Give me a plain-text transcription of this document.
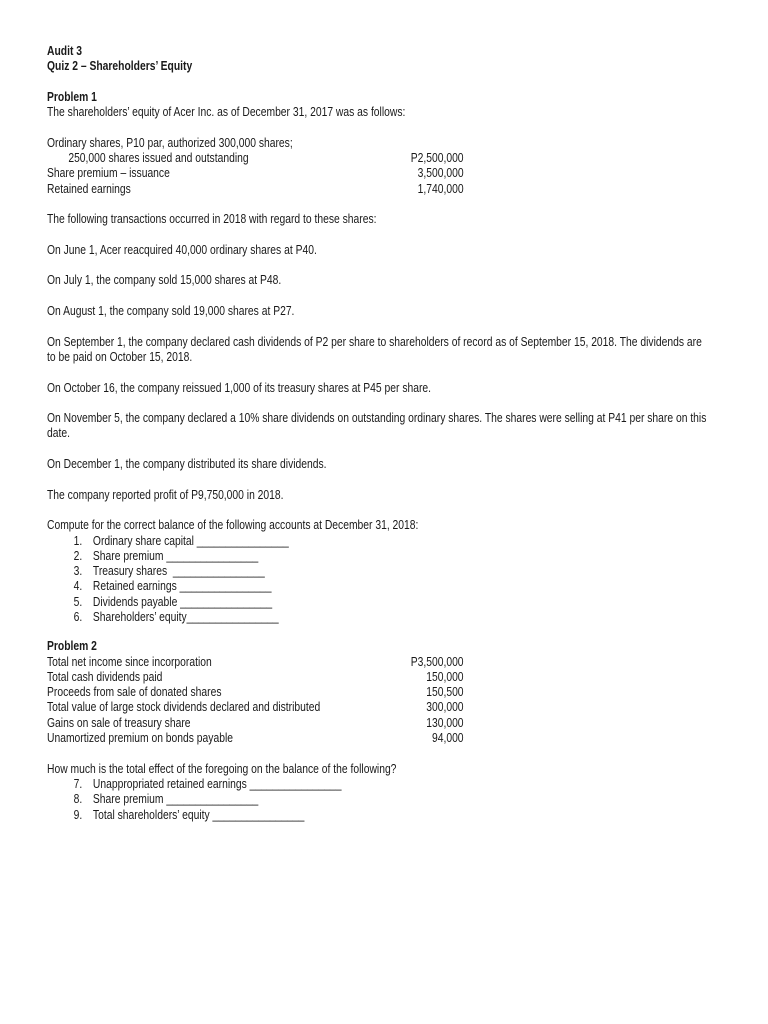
Audit 3

Quiz 2 – Shareholders’ Equity

Problem 1

The shareholders’ equity of Acer Inc. as of December 31, 2017 was as follows:

Ordinary shares, P10 par, authorized 300,000 shares;

250,000 shares issued and outstanding	P2,500,000
Share premium – issuance	3,500,000
Retained earnings	1,740,000

The following transactions occurred in 2018 with regard to these shares:

On June 1, Acer reacquired 40,000 ordinary shares at P40.

On July 1, the company sold 15,000 shares at P48.

On August 1, the company sold 19,000 shares at P27.

On September 1, the company declared cash dividends of P2 per share to shareholders of record as of September 15, 2018. The dividends are to be paid on October 15, 2018.

On October 16, the company reissued 1,000 of its treasury shares at P45 per share.

On November 5, the company declared a 10% share dividends on outstanding ordinary shares. The shares were selling at P41 per share on this date.

On December 1, the company distributed its share dividends.

The company reported profit of P9,750,000 in 2018.

Compute for the correct balance of the following accounts at December 31, 2018:

1. Ordinary share capital ________________
2. Share premium ________________
3. Treasury shares  ________________
4. Retained earnings ________________
5. Dividends payable ________________
6. Shareholders’ equity________________

Problem 2

Total net income since incorporation	P3,500,000
Total cash dividends paid	150,000
Proceeds from sale of donated shares	150,500
Total value of large stock dividends declared and distributed	300,000
Gains on sale of treasury share	130,000
Unamortized premium on bonds payable	94,000

How much is the total effect of the foregoing on the balance of the following?

7. Unappropriated retained earnings ________________
8. Share premium ________________
9. Total shareholders’ equity ________________
